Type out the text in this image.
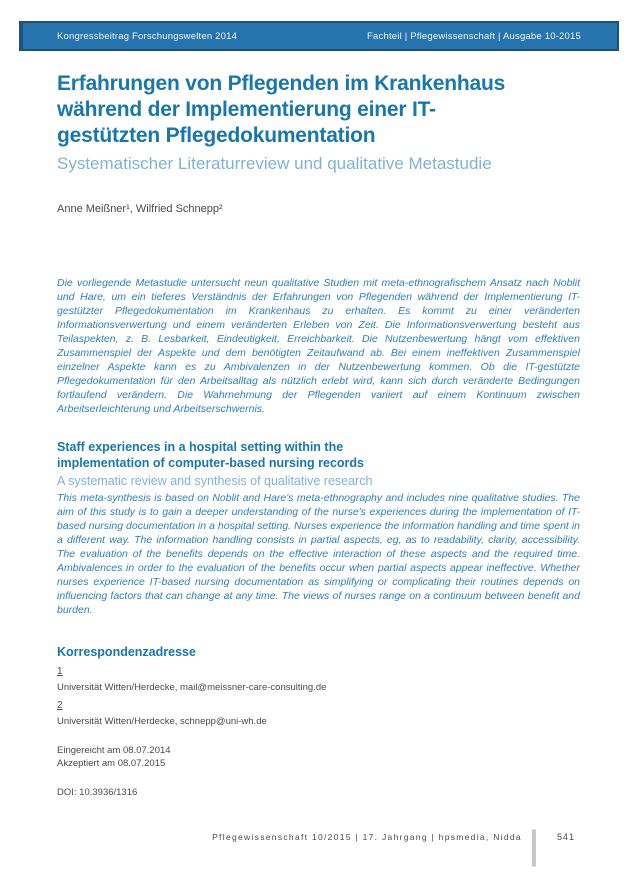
Kongressbeitrag Forschungswelten 2014	Fachteil | Pflegewissenschaft | Ausgabe 10-2015
Erfahrungen von Pflegenden im Krankenhaus
während der Implementierung einer IT-
gestützten Pflegedokumentation
Systematischer Literaturreview und qualitative Metastudie
Anne Meißner¹, Wilfried Schnepp²

Die vorliegende Metastudie untersucht neun qualitative Studien mit meta-ethnografischem Ansatz nach Noblit und Hare, um ein tieferes Verständnis der Erfahrungen von Pflegenden während der Implementierung IT-gestützter Pflegedokumentation im Krankenhaus zu erhalten. Es kommt zu einer veränderten Informationsverwertung und einem veränderten Erleben von Zeit. Die Informationsverwertung besteht aus Teilaspekten, z. B. Lesbarkeit, Eindeutigkeit, Erreichbarkeit. Die Nutzenbewertung hängt vom effektiven Zusammenspiel der Aspekte und dem benötigten Zeitaufwand ab. Bei einem ineffektiven Zusammenspiel einzelner Aspekte kann es zu Ambivalenzen in der Nutzenbewertung kommen. Ob die IT-gestützte Pflegedokumentation für den Arbeitsalltag als nützlich erlebt wird, kann sich durch veränderte Bedingungen fortlaufend verändern. Die Wahrnehmung der Pflegenden variiert auf einem Kontinuum zwischen Arbeitserleichterung und Arbeitserschwernis.

Staff experiences in a hospital setting within the
implementation of computer-based nursing records
A systematic review and synthesis of qualitative research

This meta-synthesis is based on Noblit and Hare's meta-ethnography and includes nine qualitative studies. The aim of this study is to gain a deeper understanding of the nurse's experiences during the implementation of IT-based nursing documentation in a hospital setting. Nurses experience the information handling and time spent in a different way. The information handling consists in partial aspects, eg, as to readability, clarity, accessibility. The evaluation of the benefits depends on the effective interaction of these aspects and the required time. Ambivalences in order to the evaluation of the benefits occur when partial aspects appear ineffective. Whether nurses experience IT-based nursing documentation as simplifying or complicating their routines depends on influencing factors that can change at any time. The views of nurses range on a continuum between benefit and burden.

Korrespondenzadresse
1
Universität Witten/Herdecke, mail@meissner-care-consulting.de
2
Universität Witten/Herdecke, schnepp@uni-wh.de
Eingereicht am 08.07.2014
Akzeptiert am 08.07.2015
DOI: 10.3936/1316
Pflegewissenschaft 10/2015 | 17. Jahrgang | hpsmedia, Nidda	541
